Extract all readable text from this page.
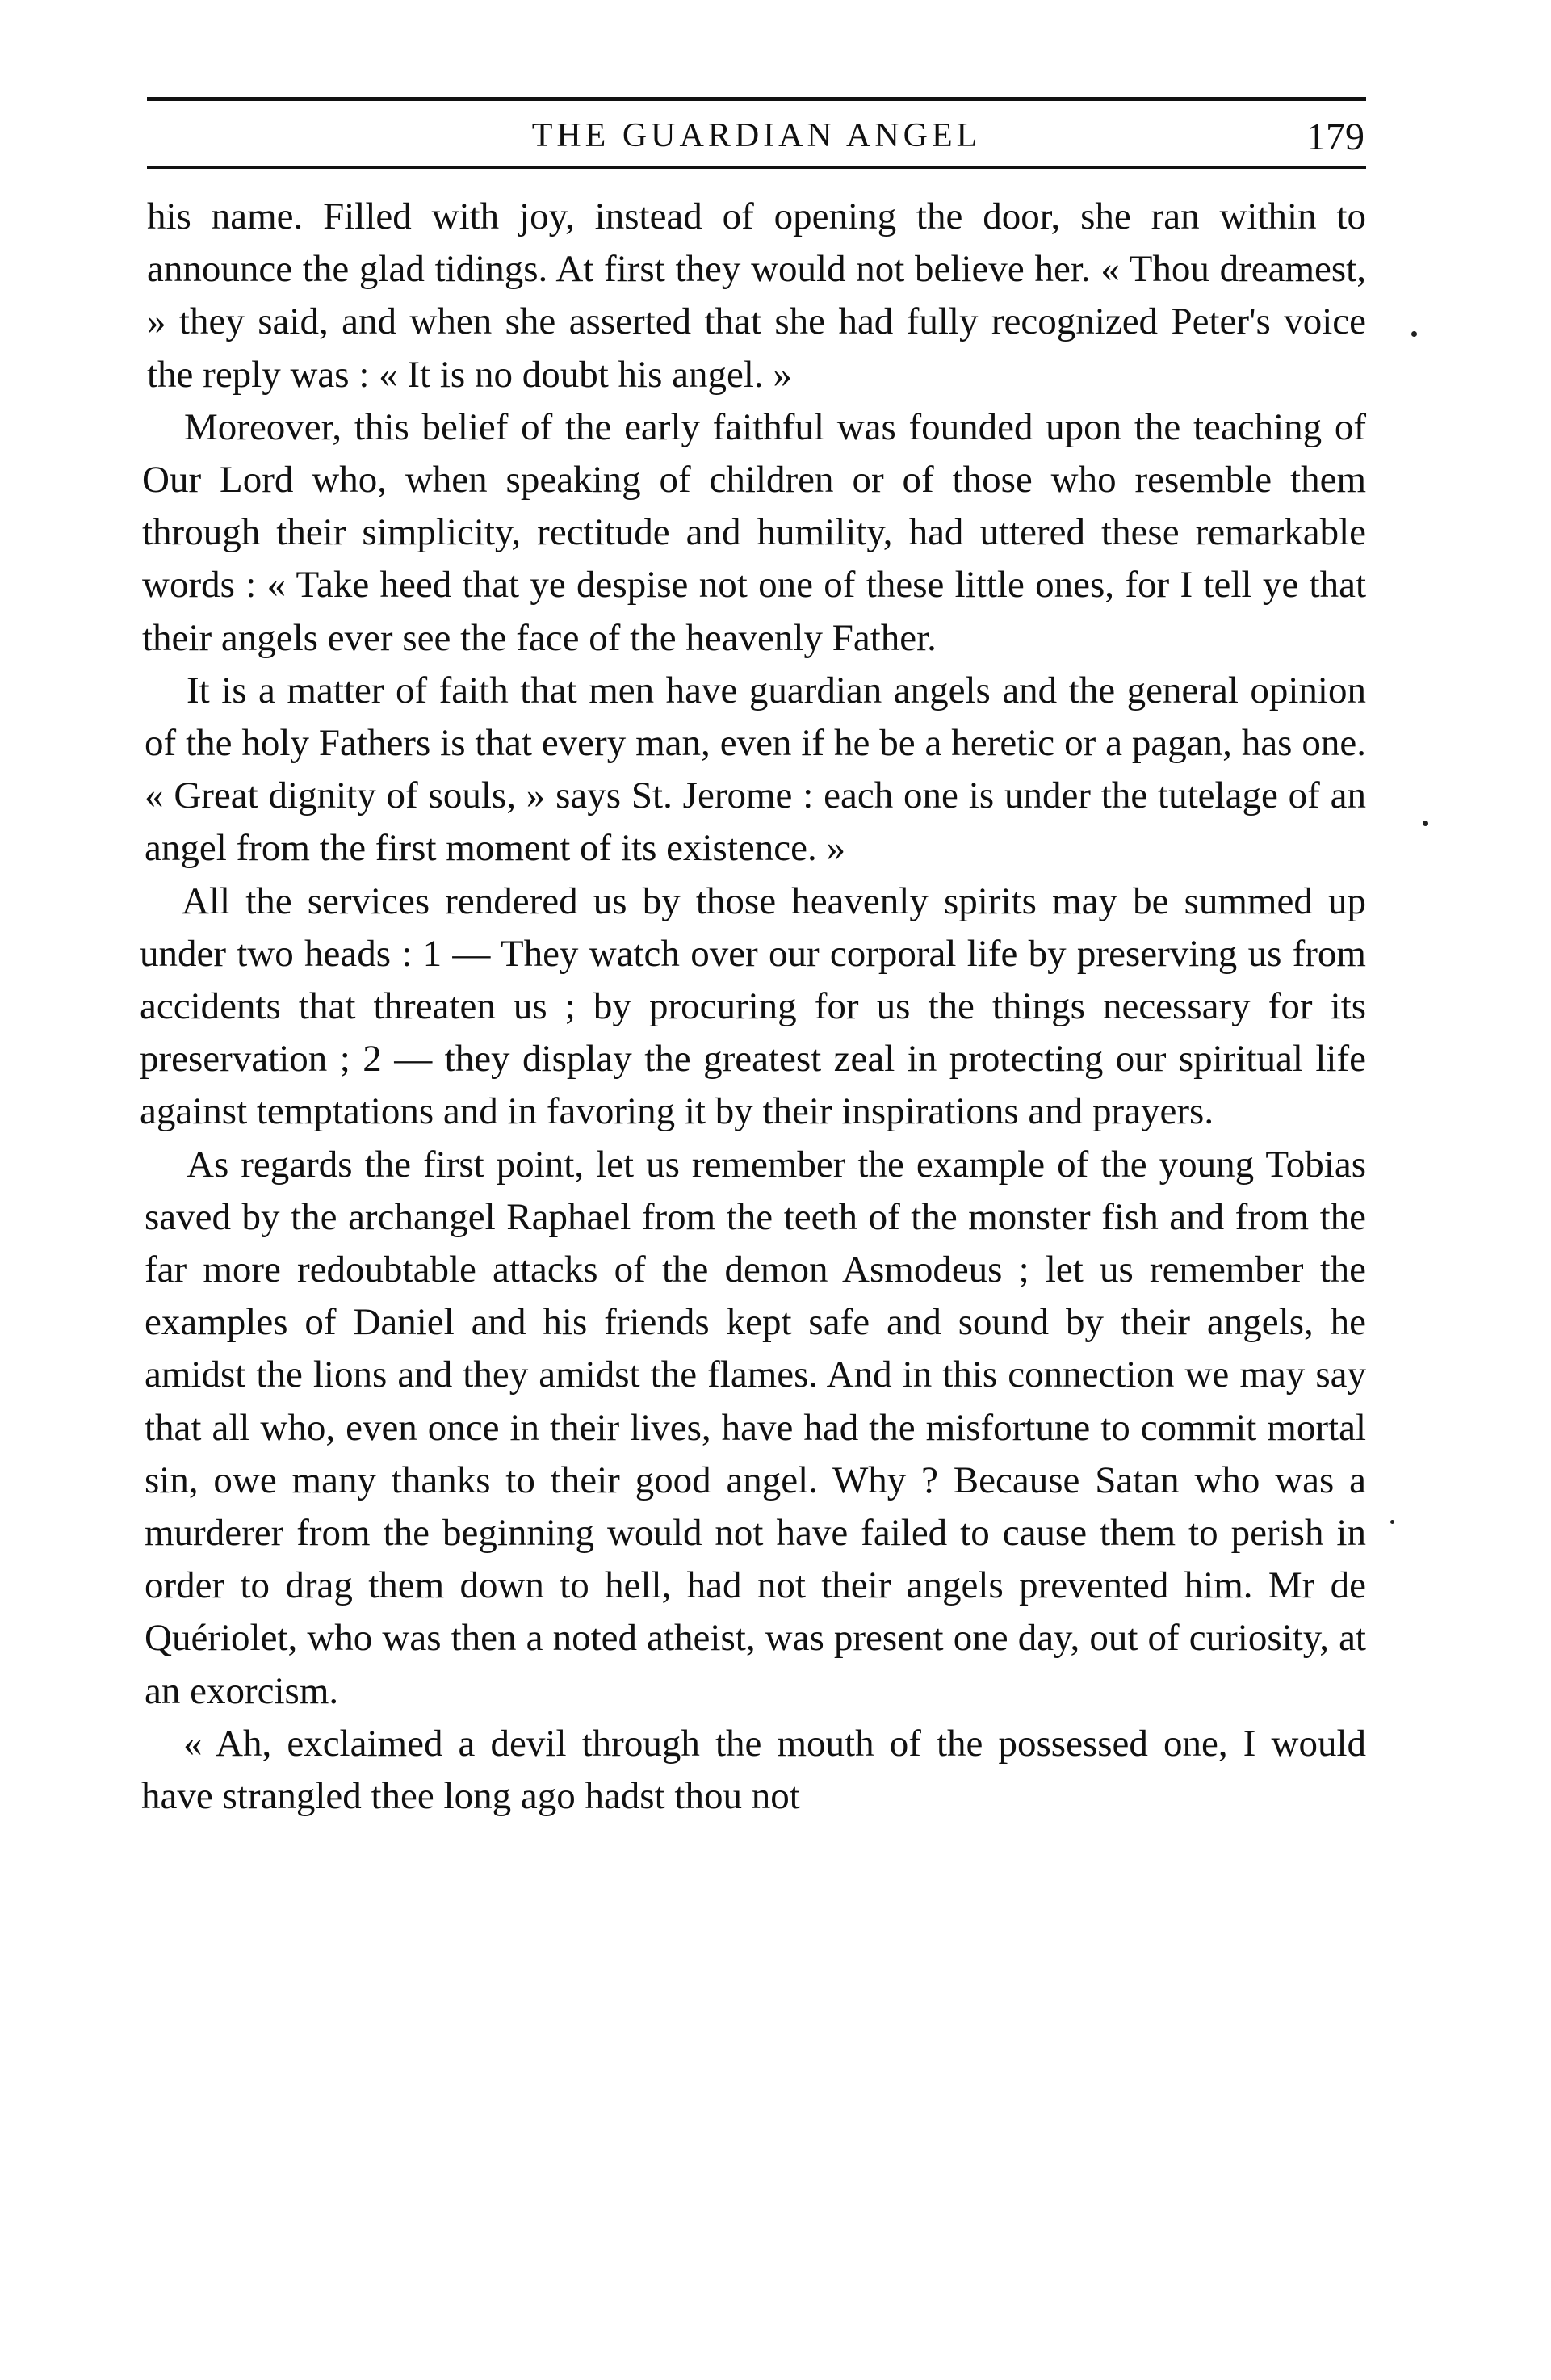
THE GUARDIAN ANGEL	179

his name. Filled with joy, instead of opening the door, she ran within to announce the glad tidings. At first they would not believe her. « Thou dreamest, » they said, and when she asserted that she had fully recognized Peter's voice the reply was : « It is no doubt his angel. »

Moreover, this belief of the early faithful was founded upon the teaching of Our Lord who, when speaking of children or of those who resemble them through their simplicity, rectitude and humility, had uttered these remarkable words : « Take heed that ye despise not one of these little ones, for I tell ye that their angels ever see the face of the heavenly Father.

It is a matter of faith that men have guardian angels and the general opinion of the holy Fathers is that every man, even if he be a heretic or a pagan, has one. « Great dignity of souls, » says St. Jerome : each one is under the tutelage of an angel from the first moment of its existence. »

All the services rendered us by those heavenly spirits may be summed up under two heads : 1 — They watch over our corporal life by preserving us from accidents that threaten us ; by procuring for us the things necessary for its preservation ; 2 — they display the greatest zeal in protecting our spiritual life against temptations and in favoring it by their inspirations and prayers.

As regards the first point, let us remember the example of the young Tobias saved by the archangel Raphael from the teeth of the monster fish and from the far more redoubtable attacks of the demon Asmodeus ; let us remember the examples of Daniel and his friends kept safe and sound by their angels, he amidst the lions and they amidst the flames. And in this connection we may say that all who, even once in their lives, have had the misfortune to commit mortal sin, owe many thanks to their good angel. Why ? Because Satan who was a murderer from the beginning would not have failed to cause them to perish in order to drag them down to hell, had not their angels prevented him. Mr de Quériolet, who was then a noted atheist, was present one day, out of curiosity, at an exorcism.

« Ah, exclaimed a devil through the mouth of the possessed one, I would have strangled thee long ago hadst thou not
